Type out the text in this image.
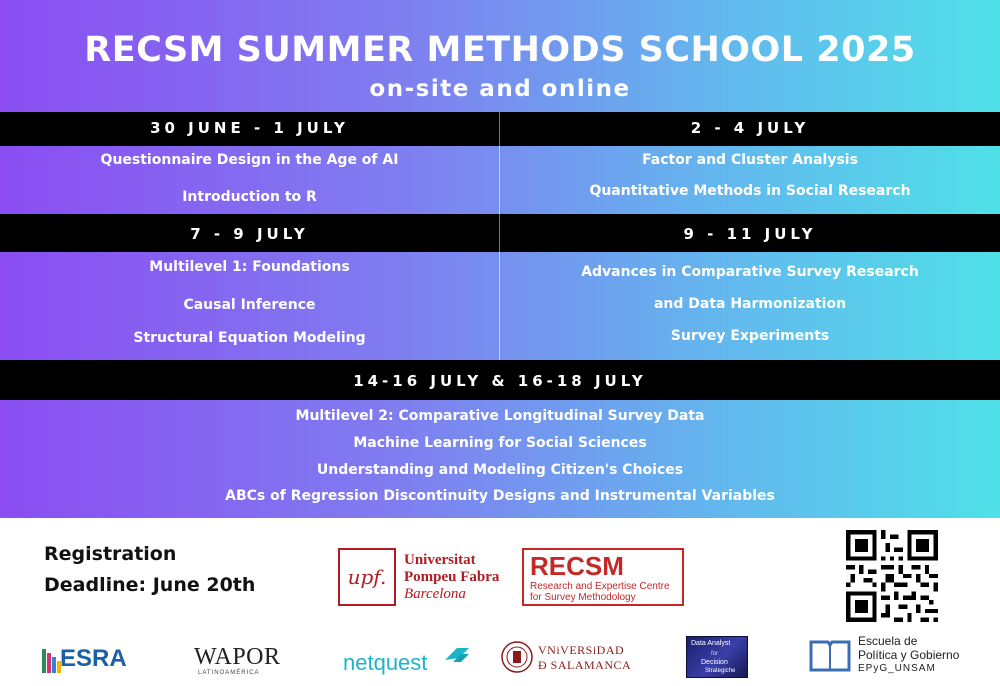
RECSM SUMMER METHODS SCHOOL 2025
on-site and online
30 JUNE - 1 JULY
Questionnaire Design in the Age of AI
Introduction to R
2 - 4 JULY
Factor and Cluster Analysis
Quantitative Methods in Social Research
7 - 9 JULY
Multilevel 1: Foundations
Causal Inference
Structural Equation Modeling
9 - 11 JULY
Advances in Comparative Survey Research
and Data Harmonization
Survey Experiments
14-16 JULY & 16-18 JULY
Multilevel 2: Comparative Longitudinal Survey Data
Machine Learning for Social Sciences
Understanding and Modeling Citizen's Choices
ABCs of Regression Discontinuity Designs and Instrumental Variables
Registration
Deadline: June 20th	upf.
Universitat
Pompeu Fabra
Barcelona
RECSM
Research and Expertise Centre
for Survey Methodology
ESRA	WAPOR
LATINOAMÉRICA	netquest	VNiVERSiDAD
Ð SALAMANCA
Data Analyst
for
Decision
Strategiche
Escuela de
Política y Gobierno
EPyG_UNSAM
